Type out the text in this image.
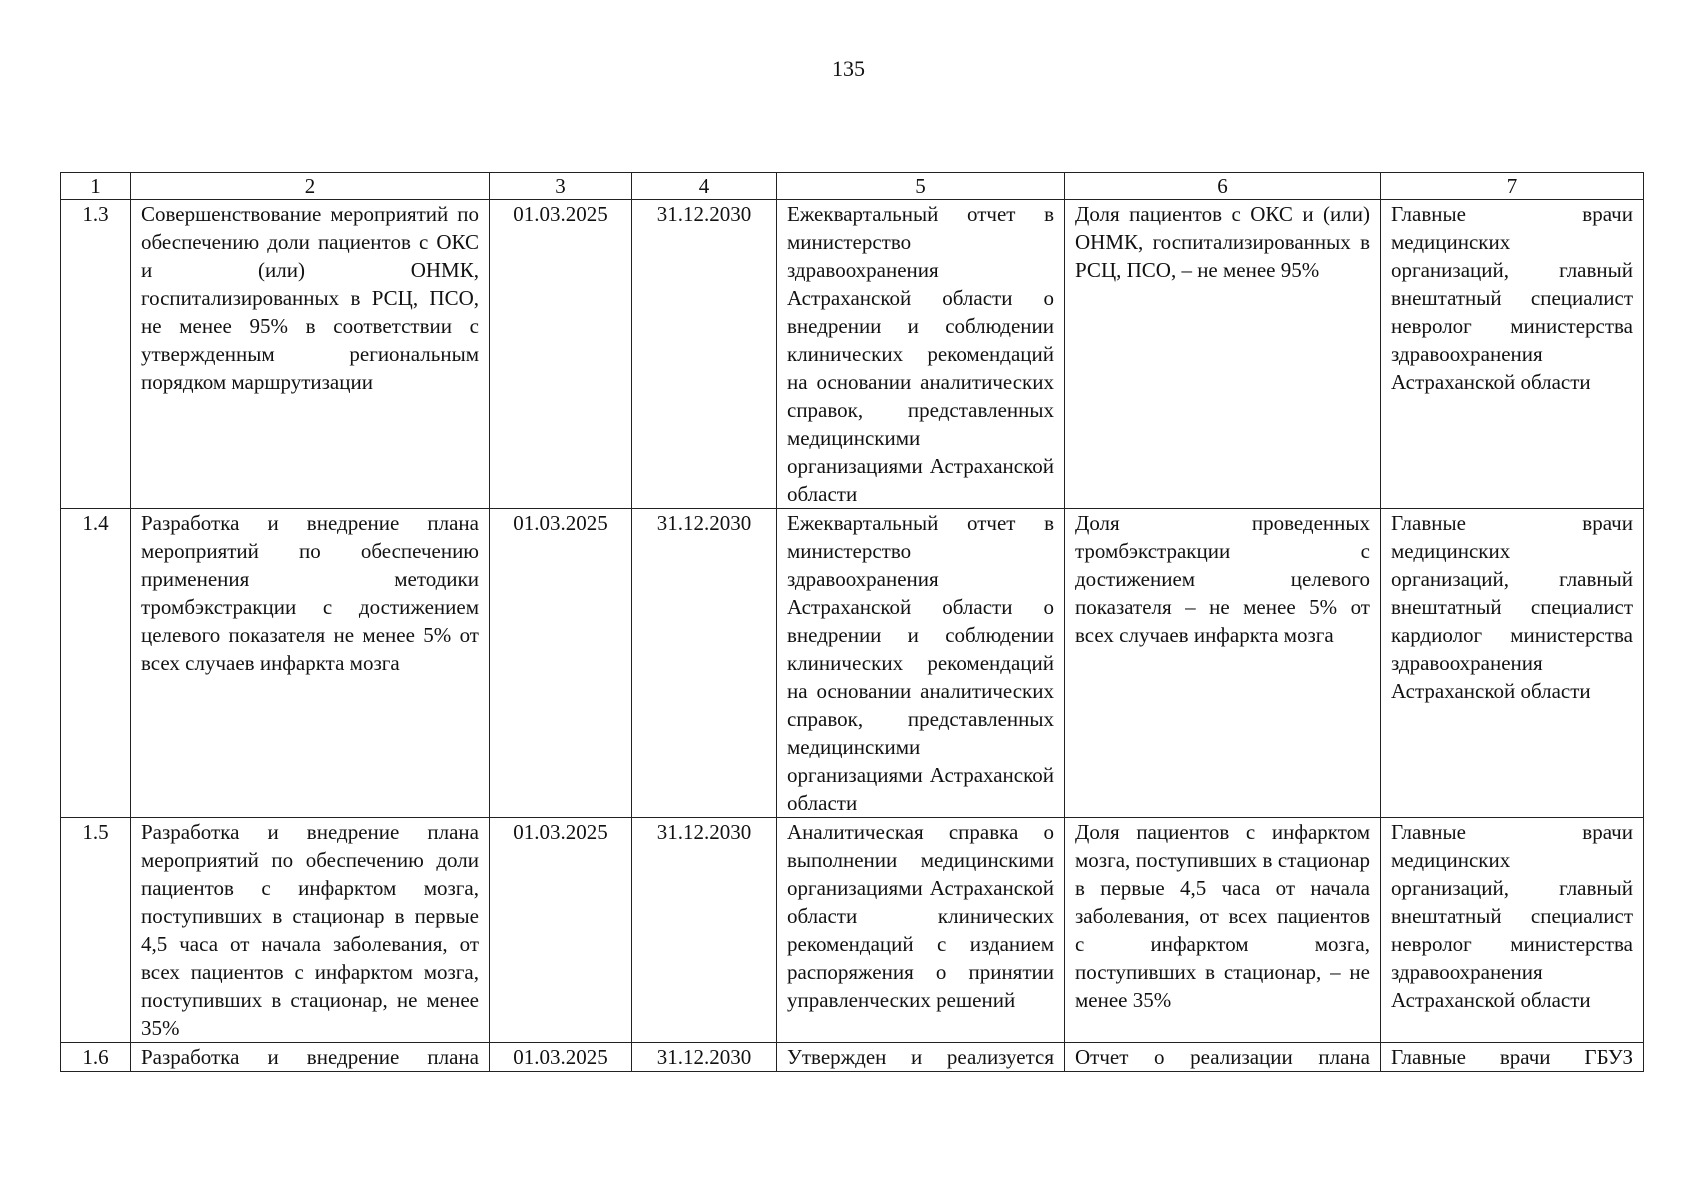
135
1	2	3	4	5	6	7
1.3	Совершенствование мероприятий по обеспечению доли пациентов с ОКС и (или) ОНМК, госпитализированных в РСЦ, ПСО, не менее 95% в соответствии с утвержденным региональным порядком маршрутизации	01.03.2025	31.12.2030	Ежеквартальный отчет в министерство здравоохранения Астраханской области о внедрении и соблюдении клинических рекомендаций на основании аналитических справок, представленных медицинскими организациями Астраханской области	Доля пациентов с ОКС и (или) ОНМК, госпитализированных в РСЦ, ПСО, – не менее 95%	Главные врачи медицинских организаций, главный внештатный специалист невролог министерства здравоохранения Астраханской области
1.4	Разработка и внедрение плана мероприятий по обеспечению применения методики тромбэкстракции с достижением целевого показателя не менее 5% от всех случаев инфаркта мозга	01.03.2025	31.12.2030	Ежеквартальный отчет в министерство здравоохранения Астраханской области о внедрении и соблюдении клинических рекомендаций на основании аналитических справок, представленных медицинскими организациями Астраханской области	Доля проведенных тромбэкстракции с достижением целевого показателя – не менее 5% от всех случаев инфаркта мозга	Главные врачи медицинских организаций, главный внештатный специалист кардиолог министерства здравоохранения Астраханской области
1.5	Разработка и внедрение плана мероприятий по обеспечению доли пациентов с инфарктом мозга, поступивших в стационар в первые 4,5 часа от начала заболевания, от всех пациентов с инфарктом мозга, поступивших в стационар, не менее 35%	01.03.2025	31.12.2030	Аналитическая справка о выполнении медицинскими организациями Астраханской области клинических рекомендаций с изданием распоряжения о принятии управленческих решений	Доля пациентов с инфарктом мозга, поступивших в стационар в первые 4,5 часа от начала заболевания, от всех пациентов с инфарктом мозга, поступивших в стационар, – не менее 35%	Главные врачи медицинских организаций, главный внештатный специалист невролог министерства здравоохранения Астраханской области
1.6	Разработка и внедрение плана	01.03.2025	31.12.2030	Утвержден и реализуется	Отчет о реализации плана	Главные врачи ГБУЗ
